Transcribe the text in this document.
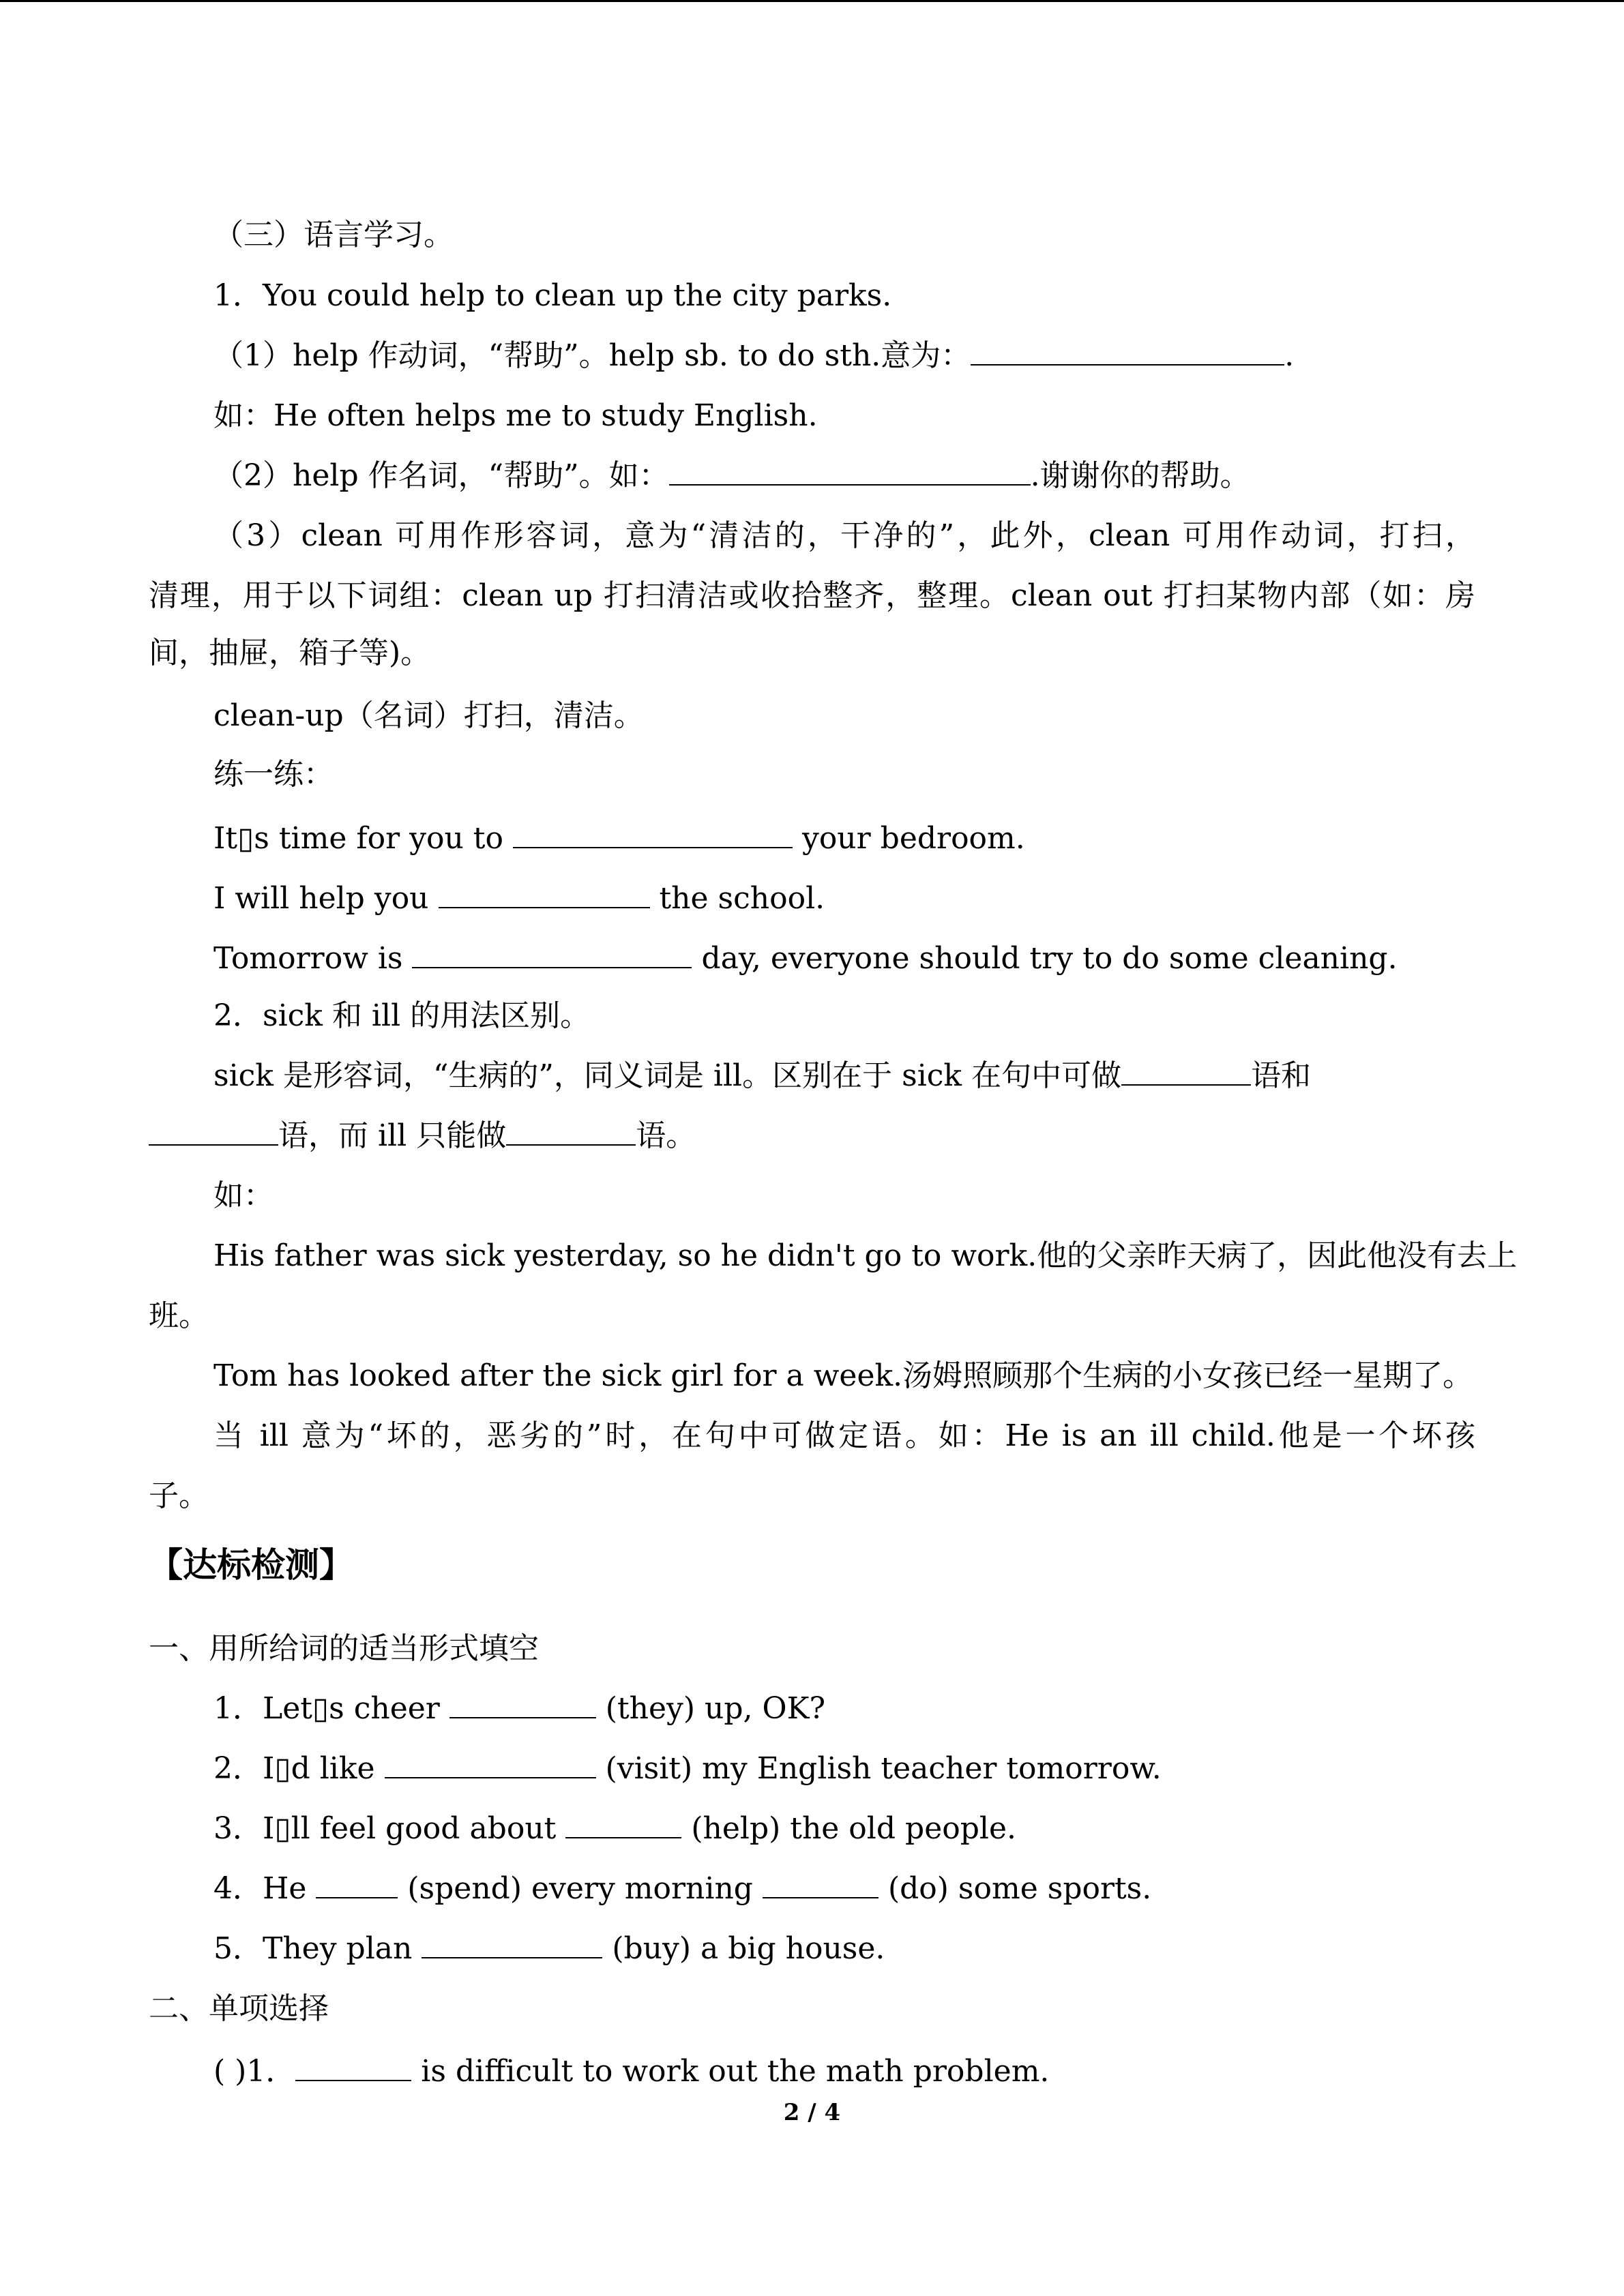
（三）语言学习。
1．You could help to clean up the city parks.
（1）help 作动词，“帮助”。help sb. to do sth.意为：	.
如：He often helps me to study English.
（2）help 作名词，“帮助”。如：	.谢谢你的帮助。
（3）clean 可用作形容词，意为“清洁的，干净的”，此外，clean 可用作动词，打扫，
清理，用于以下词组：clean up 打扫清洁或收拾整齐，整理。clean out 打扫某物内部（如：房
间，抽屉，箱子等)。
clean-up（名词）打扫，清洁。
练一练：
It▯s time for you to	your bedroom.
I will help you	the school.
Tomorrow is	day, everyone should try to do some cleaning.
2．sick 和 ill 的用法区别。
sick 是形容词，“生病的”，同义词是 ill。区别在于 sick 在句中可做	语和
语，而 ill 只能做	语。
如：
His father was sick yesterday, so he didn't go to work.他的父亲昨天病了，因此他没有去上
班。
Tom has looked after the sick girl for a week.汤姆照顾那个生病的小女孩已经一星期了。
当 ill 意为“坏的，恶劣的”时，在句中可做定语。如：He is an ill child.他是一个坏孩
子。
【达标检测】
一、用所给词的适当形式填空
1．Let▯s cheer	(they) up, OK?
2．I▯d like	(visit) my English teacher tomorrow.
3．I▯ll feel good about	(help) the old people.
4．He	(spend) every morning	(do) some sports.
5．They plan	(buy) a big house.
二、单项选择
( )1．	is difficult to work out the math problem.
2 / 4
